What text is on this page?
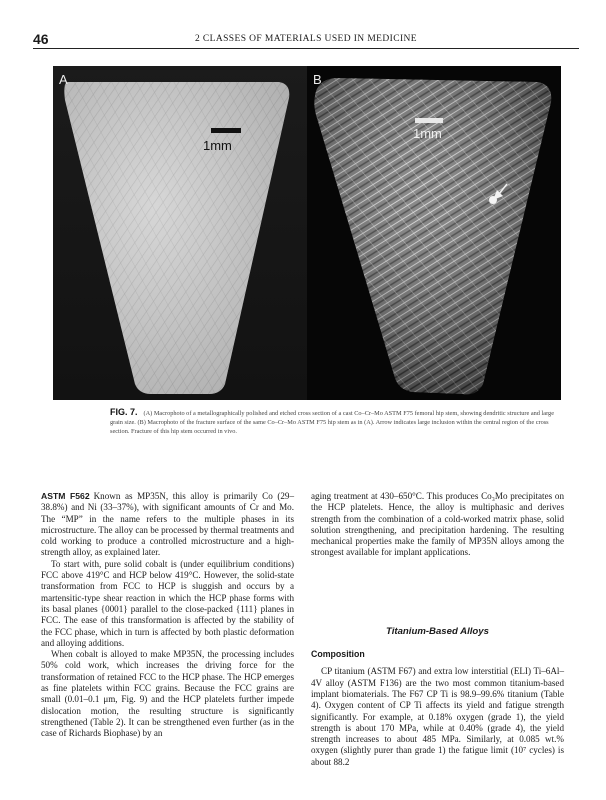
46	2 CLASSES OF MATERIALS USED IN MEDICINE
A
1mm
B
1mm
FIG. 7. (A) Macrophoto of a metallographically polished and etched cross section of a cast Co–Cr–Mo ASTM F75 femoral hip stem, showing dendritic structure and large grain size. (B) Macrophoto of the fracture surface of the same Co–Cr–Mo ASTM F75 hip stem as in (A). Arrow indicates large inclusion within the central region of the cross section. Fracture of this hip stem occurred in vivo.

ASTM F562 Known as MP35N, this alloy is primarily Co (29–38.8%) and Ni (33–37%), with significant amounts of Cr and Mo. The “MP” in the name refers to the multiple phases in its microstructure. The alloy can be processed by thermal treatments and cold working to produce a controlled microstructure and a high-strength alloy, as explained later.

To start with, pure solid cobalt is (under equilibrium conditions) FCC above 419°C and HCP below 419°C. However, the solid-state transformation from FCC to HCP is sluggish and occurs by a martensitic-type shear reaction in which the HCP phase forms with its basal planes {0001} parallel to the close-packed {111} planes in FCC. The ease of this transformation is affected by the stability of the FCC phase, which in turn is affected by both plastic deformation and alloying additions.

When cobalt is alloyed to make MP35N, the processing includes 50% cold work, which increases the driving force for the transformation of retained FCC to the HCP phase. The HCP emerges as fine platelets within FCC grains. Because the FCC grains are small (0.01–0.1 μm, Fig. 9) and the HCP platelets further impede dislocation motion, the resulting structure is significantly strengthened (Table 2). It can be strengthened even further (as in the case of Richards Biophase) by an

aging treatment at 430–650°C. This produces Co₃Mo precipitates on the HCP platelets. Hence, the alloy is multiphasic and derives strength from the combination of a cold-worked matrix phase, solid solution strengthening, and precipitation hardening. The resulting mechanical properties make the family of MP35N alloys among the strongest available for implant applications.

Titanium-Based Alloys
Composition

CP titanium (ASTM F67) and extra low interstitial (ELI) Ti–6Al–4V alloy (ASTM F136) are the two most common titanium-based implant biomaterials. The F67 CP Ti is 98.9–99.6% titanium (Table 4). Oxygen content of CP Ti affects its yield and fatigue strength significantly. For example, at 0.18% oxygen (grade 1), the yield strength is about 170 MPa, while at 0.40% (grade 4), the yield strength increases to about 485 MPa. Similarly, at 0.085 wt.% oxygen (slightly purer than grade 1) the fatigue limit (10⁷ cycles) is about 88.2
